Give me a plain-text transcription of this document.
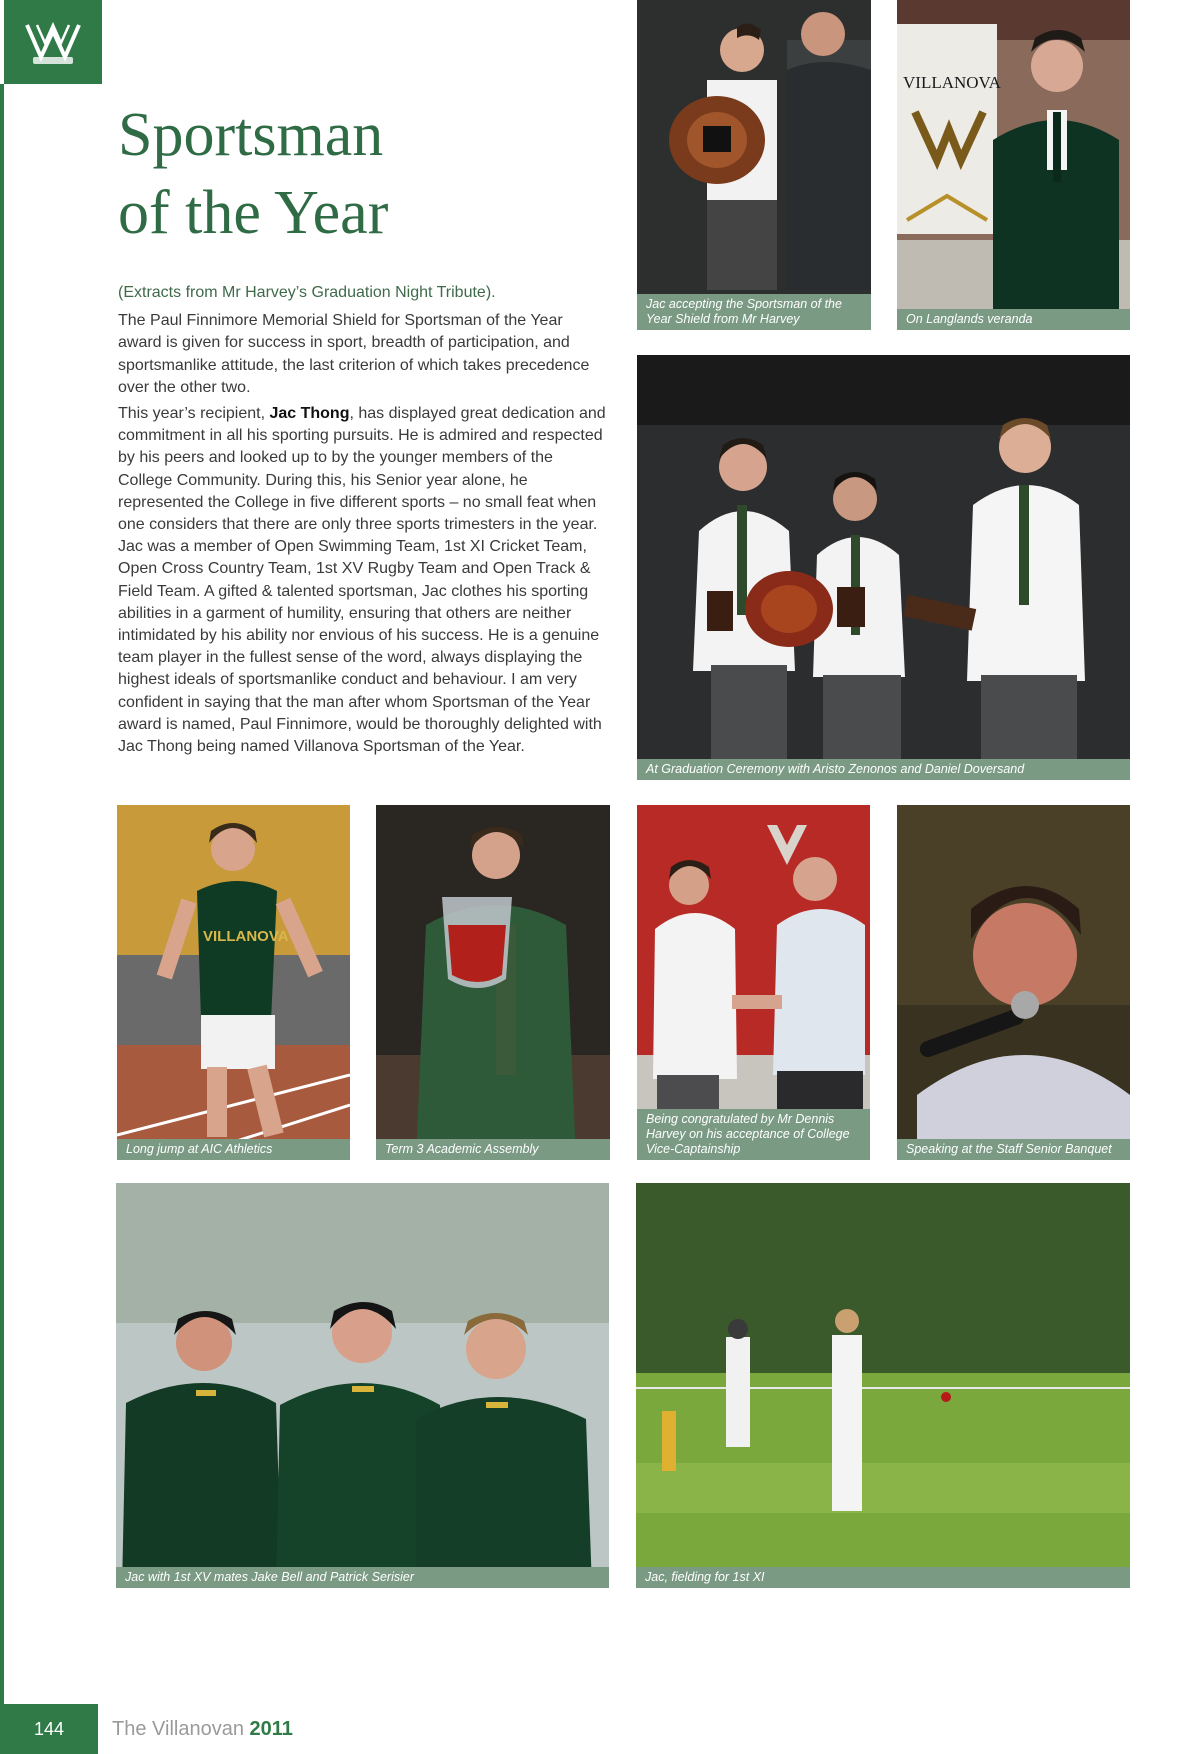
Sportsman
of the Year

(Extracts from Mr Harvey’s Graduation Night Tribute).

The Paul Finnimore Memorial Shield for Sportsman of the Year award is given for success in sport, breadth of participation, and sportsmanlike attitude, the last criterion of which takes precedence over the other two.

This year’s recipient, Jac Thong, has displayed great dedication and commitment in all his sporting pursuits. He is admired and respected by his peers and looked up to by the younger members of the College Community. During this, his Senior year alone, he represented the College in five different sports – no small feat when one considers that there are only three sports trimesters in the year. Jac was a member of Open Swimming Team, 1st XI Cricket Team, Open Cross Country Team, 1st XV Rugby Team and Open Track & Field Team. A gifted & talented sportsman, Jac clothes his sporting abilities in a garment of humility, ensuring that others are neither intimidated by his ability nor envious of his success. He is a genuine team player in the fullest sense of the word, always displaying the highest ideals of sportsmanlike conduct and behaviour. I am very confident in saying that the man after whom Sportsman of the Year award is named, Paul Finnimore, would be thoroughly delighted with Jac Thong being named Villanova Sportsman of the Year.

Jac accepting the Sportsman of the Year Shield from Mr Harvey
VILLANOVA
On Langlands veranda
At Graduation Ceremony with Aristo Zenonos and Daniel Doversand
VILLANOVA
Long jump at AIC Athletics	Term 3 Academic Assembly
Being congratulated by Mr Dennis Harvey on his acceptance of College Vice-Captainship	Speaking at the Staff Senior Banquet
Jac with 1st XV mates Jake Bell and Patrick Serisier	Jac, fielding for 1st XI
144	The Villanovan 2011
